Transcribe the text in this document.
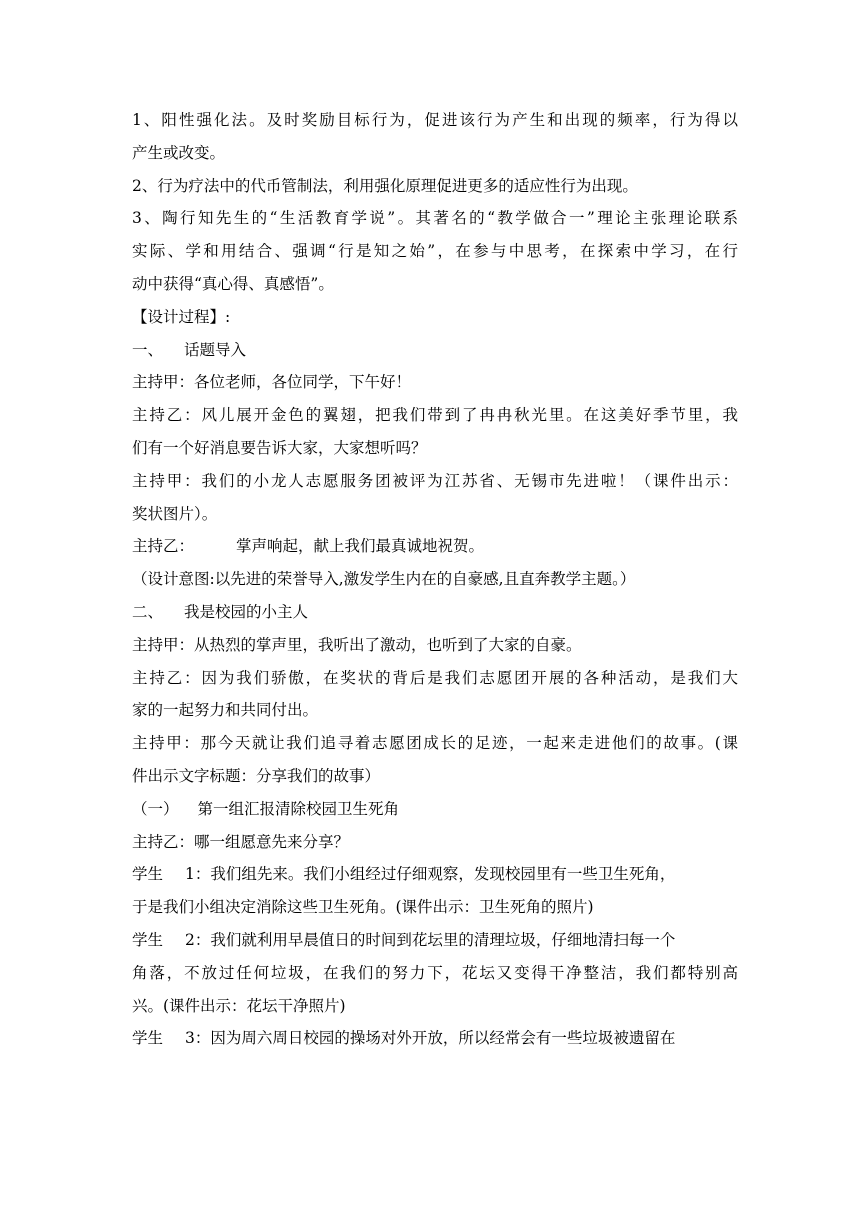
1、阳性强化法。及时奖励目标行为，促进该行为产生和出现的频率，行为得以
产生或改变。
2、行为疗法中的代币管制法，利用强化原理促进更多的适应性行为出现。
3、陶行知先生的“生活教育学说”。其著名的“教学做合一”理论主张理论联系
实际、学和用结合、强调“行是知之始”，在参与中思考，在探索中学习，在行
动中获得“真心得、真感悟”。
【设计过程】:
一、 话题导入
主持甲：各位老师，各位同学，下午好！
主持乙：风儿展开金色的翼翅，把我们带到了冉冉秋光里。在这美好季节里，我
们有一个好消息要告诉大家，大家想听吗？
主持甲：我们的小龙人志愿服务团被评为江苏省、无锡市先进啦！（课件出示：
奖状图片）。
主持乙：	掌声响起，献上我们最真诚地祝贺。
（设计意图:以先进的荣誉导入,激发学生内在的自豪感,且直奔教学主题。）
二、 我是校园的小主人
主持甲：从热烈的掌声里，我听出了激动，也听到了大家的自豪。
主持乙：因为我们骄傲，在奖状的背后是我们志愿团开展的各种活动，是我们大
家的一起努力和共同付出。
主持甲：那今天就让我们追寻着志愿团成长的足迹，一起来走进他们的故事。(课
件出示文字标题：分享我们的故事）
（一） 第一组汇报清除校园卫生死角
主持乙：哪一组愿意先来分享？
学生 1：我们组先来。我们小组经过仔细观察，发现校园里有一些卫生死角，
于是我们小组决定消除这些卫生死角。(课件出示：卫生死角的照片)
学生 2：我们就利用早晨值日的时间到花坛里的清理垃圾，仔细地清扫每一个
角落，不放过任何垃圾，在我们的努力下，花坛又变得干净整洁，我们都特别高
兴。(课件出示：花坛干净照片)
学生 3：因为周六周日校园的操场对外开放，所以经常会有一些垃圾被遗留在
